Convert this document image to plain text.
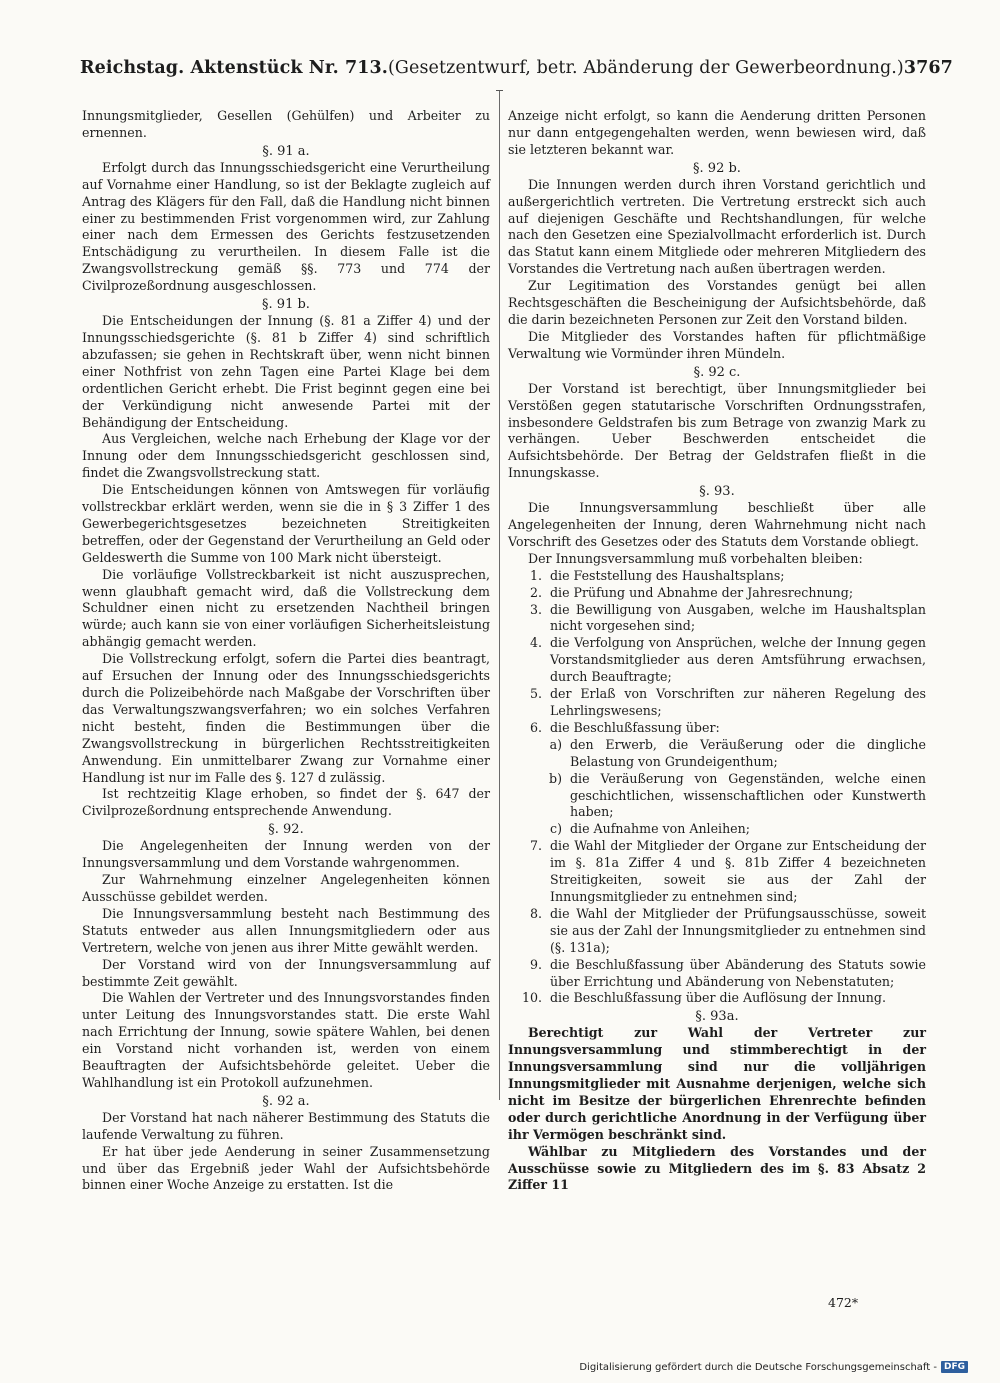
Reichstag. Aktenstück Nr. 713. (Gesetzentwurf, betr. Abänderung der Gewerbeordnung.) 3767

Innungsmitglieder, Gesellen (Gehülfen) und Arbeiter zu ernennen.

§. 91 a.

Erfolgt durch das Innungsschiedsgericht eine Verurtheilung auf Vornahme einer Handlung, so ist der Beklagte zugleich auf Antrag des Klägers für den Fall, daß die Handlung nicht binnen einer zu bestimmenden Frist vorgenommen wird, zur Zahlung einer nach dem Ermessen des Gerichts festzusetzenden Entschädigung zu verurtheilen. In diesem Falle ist die Zwangsvollstreckung gemäß §§. 773 und 774 der Civilprozeßordnung ausgeschlossen.

§. 91 b.

Die Entscheidungen der Innung (§. 81 a Ziffer 4) und der Innungsschiedsgerichte (§. 81 b Ziffer 4) sind schriftlich abzufassen; sie gehen in Rechtskraft über, wenn nicht binnen einer Nothfrist von zehn Tagen eine Partei Klage bei dem ordentlichen Gericht erhebt. Die Frist beginnt gegen eine bei der Verkündigung nicht anwesende Partei mit der Behändigung der Entscheidung.

Aus Vergleichen, welche nach Erhebung der Klage vor der Innung oder dem Innungsschiedsgericht geschlossen sind, findet die Zwangsvollstreckung statt.

Die Entscheidungen können von Amtswegen für vorläufig vollstreckbar erklärt werden, wenn sie die in § 3 Ziffer 1 des Gewerbegerichtsgesetzes bezeichneten Streitigkeiten betreffen, oder der Gegenstand der Verurtheilung an Geld oder Geldeswerth die Summe von 100 Mark nicht übersteigt.

Die vorläufige Vollstreckbarkeit ist nicht auszusprechen, wenn glaubhaft gemacht wird, daß die Vollstreckung dem Schuldner einen nicht zu ersetzenden Nachtheil bringen würde; auch kann sie von einer vorläufigen Sicherheitsleistung abhängig gemacht werden.

Die Vollstreckung erfolgt, sofern die Partei dies beantragt, auf Ersuchen der Innung oder des Innungsschiedsgerichts durch die Polizeibehörde nach Maßgabe der Vorschriften über das Verwaltungszwangsverfahren; wo ein solches Verfahren nicht besteht, finden die Bestimmungen über die Zwangsvollstreckung in bürgerlichen Rechtsstreitigkeiten Anwendung. Ein unmittelbarer Zwang zur Vornahme einer Handlung ist nur im Falle des §. 127 d zulässig.

Ist rechtzeitig Klage erhoben, so findet der §. 647 der Civilprozeßordnung entsprechende Anwendung.

§. 92.

Die Angelegenheiten der Innung werden von der Innungsversammlung und dem Vorstande wahrgenommen.

Zur Wahrnehmung einzelner Angelegenheiten können Ausschüsse gebildet werden.

Die Innungsversammlung besteht nach Bestimmung des Statuts entweder aus allen Innungsmitgliedern oder aus Vertretern, welche von jenen aus ihrer Mitte gewählt werden.

Der Vorstand wird von der Innungsversammlung auf bestimmte Zeit gewählt.

Die Wahlen der Vertreter und des Innungsvorstandes finden unter Leitung des Innungsvorstandes statt. Die erste Wahl nach Errichtung der Innung, sowie spätere Wahlen, bei denen ein Vorstand nicht vorhanden ist, werden von einem Beauftragten der Aufsichtsbehörde geleitet. Ueber die Wahlhandlung ist ein Protokoll aufzunehmen.

§. 92 a.

Der Vorstand hat nach näherer Bestimmung des Statuts die laufende Verwaltung zu führen.

Er hat über jede Aenderung in seiner Zusammensetzung und über das Ergebniß jeder Wahl der Aufsichtsbehörde binnen einer Woche Anzeige zu erstatten. Ist die

Anzeige nicht erfolgt, so kann die Aenderung dritten Personen nur dann entgegengehalten werden, wenn bewiesen wird, daß sie letzteren bekannt war.

§. 92 b.

Die Innungen werden durch ihren Vorstand gerichtlich und außergerichtlich vertreten. Die Vertretung erstreckt sich auch auf diejenigen Geschäfte und Rechtshandlungen, für welche nach den Gesetzen eine Spezialvollmacht erforderlich ist. Durch das Statut kann einem Mitgliede oder mehreren Mitgliedern des Vorstandes die Vertretung nach außen übertragen werden.

Zur Legitimation des Vorstandes genügt bei allen Rechtsgeschäften die Bescheinigung der Aufsichtsbehörde, daß die darin bezeichneten Personen zur Zeit den Vorstand bilden.

Die Mitglieder des Vorstandes haften für pflichtmäßige Verwaltung wie Vormünder ihren Mündeln.

§. 92 c.

Der Vorstand ist berechtigt, über Innungsmitglieder bei Verstößen gegen statutarische Vorschriften Ordnungsstrafen, insbesondere Geldstrafen bis zum Betrage von zwanzig Mark zu verhängen. Ueber Beschwerden entscheidet die Aufsichtsbehörde. Der Betrag der Geldstrafen fließt in die Innungskasse.

§. 93.

Die Innungsversammlung beschließt über alle Angelegenheiten der Innung, deren Wahrnehmung nicht nach Vorschrift des Gesetzes oder des Statuts dem Vorstande obliegt.

Der Innungsversammlung muß vorbehalten bleiben:

1. die Feststellung des Haushaltsplans;
2. die Prüfung und Abnahme der Jahresrechnung;
3. die Bewilligung von Ausgaben, welche im Haushaltsplan nicht vorgesehen sind;
4. die Verfolgung von Ansprüchen, welche der Innung gegen Vorstandsmitglieder aus deren Amtsführung erwachsen, durch Beauftragte;
5. der Erlaß von Vorschriften zur näheren Regelung des Lehrlingswesens;
6. die Beschlußfassung über:
a) den Erwerb, die Veräußerung oder die dingliche Belastung von Grundeigenthum;
b) die Veräußerung von Gegenständen, welche einen geschichtlichen, wissenschaftlichen oder Kunstwerth haben;
c) die Aufnahme von Anleihen;
7. die Wahl der Mitglieder der Organe zur Entscheidung der im §. 81a Ziffer 4 und §. 81b Ziffer 4 bezeichneten Streitigkeiten, soweit sie aus der Zahl der Innungsmitglieder zu entnehmen sind;
8. die Wahl der Mitglieder der Prüfungsausschüsse, soweit sie aus der Zahl der Innungsmitglieder zu entnehmen sind (§. 131a);
9. die Beschlußfassung über Abänderung des Statuts sowie über Errichtung und Abänderung von Nebenstatuten;
10. die Beschlußfassung über die Auflösung der Innung.
§. 93a.

Berechtigt zur Wahl der Vertreter zur Innungsversammlung und stimmberechtigt in der Innungsversammlung sind nur die volljährigen Innungsmitglieder mit Ausnahme derjenigen, welche sich nicht im Besitze der bürgerlichen Ehrenrechte befinden oder durch gerichtliche Anordnung in der Verfügung über ihr Vermögen beschränkt sind.

Wählbar zu Mitgliedern des Vorstandes und der Ausschüsse sowie zu Mitgliedern des im §. 83 Absatz 2 Ziffer 11

472*
Digitalisierung gefördert durch die Deutsche Forschungsgemeinschaft - DFG
